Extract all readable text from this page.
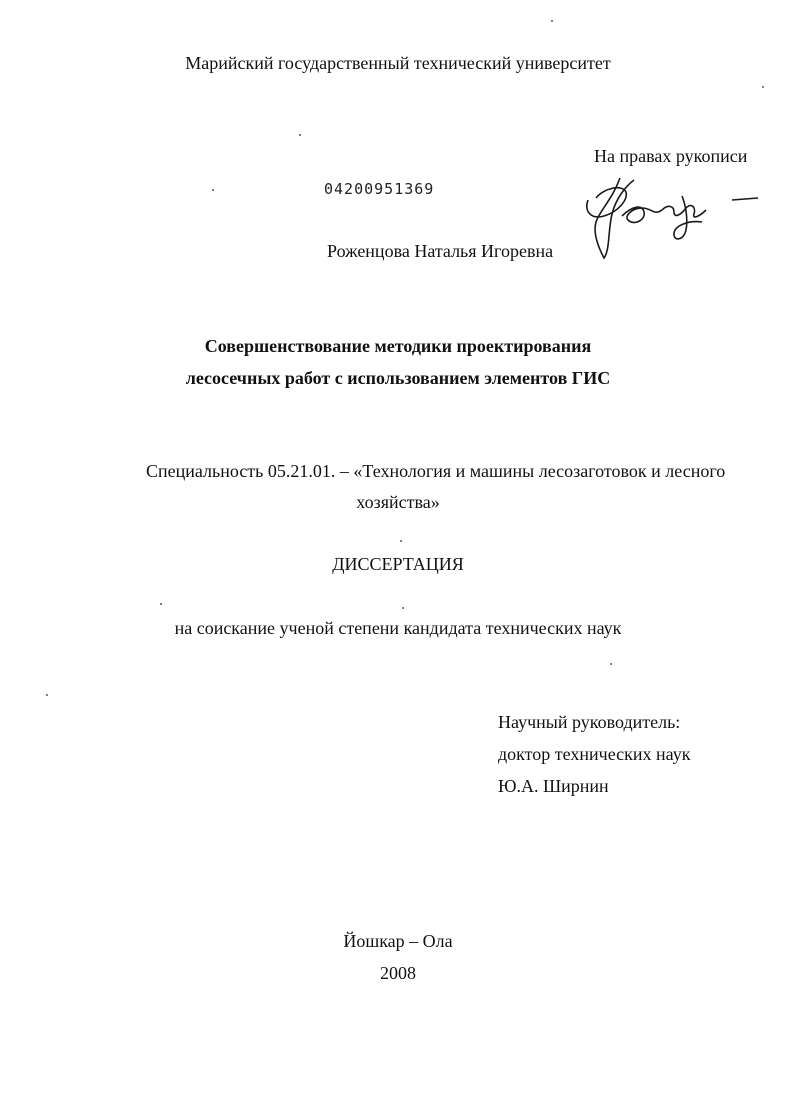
Марийский государственный технический университет
На правах рукописи
04200951369
Роженцова Наталья Игоревна
Совершенствование методики проектирования
лесосечных работ с использованием элементов ГИС
Специальность 05.21.01. – «Технология и машины лесозаготовок и лесного
хозяйства»
ДИССЕРТАЦИЯ
на соискание ученой степени кандидата технических наук
Научный руководитель:
доктор технических наук
Ю.А. Ширнин
Йошкар – Ола
2008
